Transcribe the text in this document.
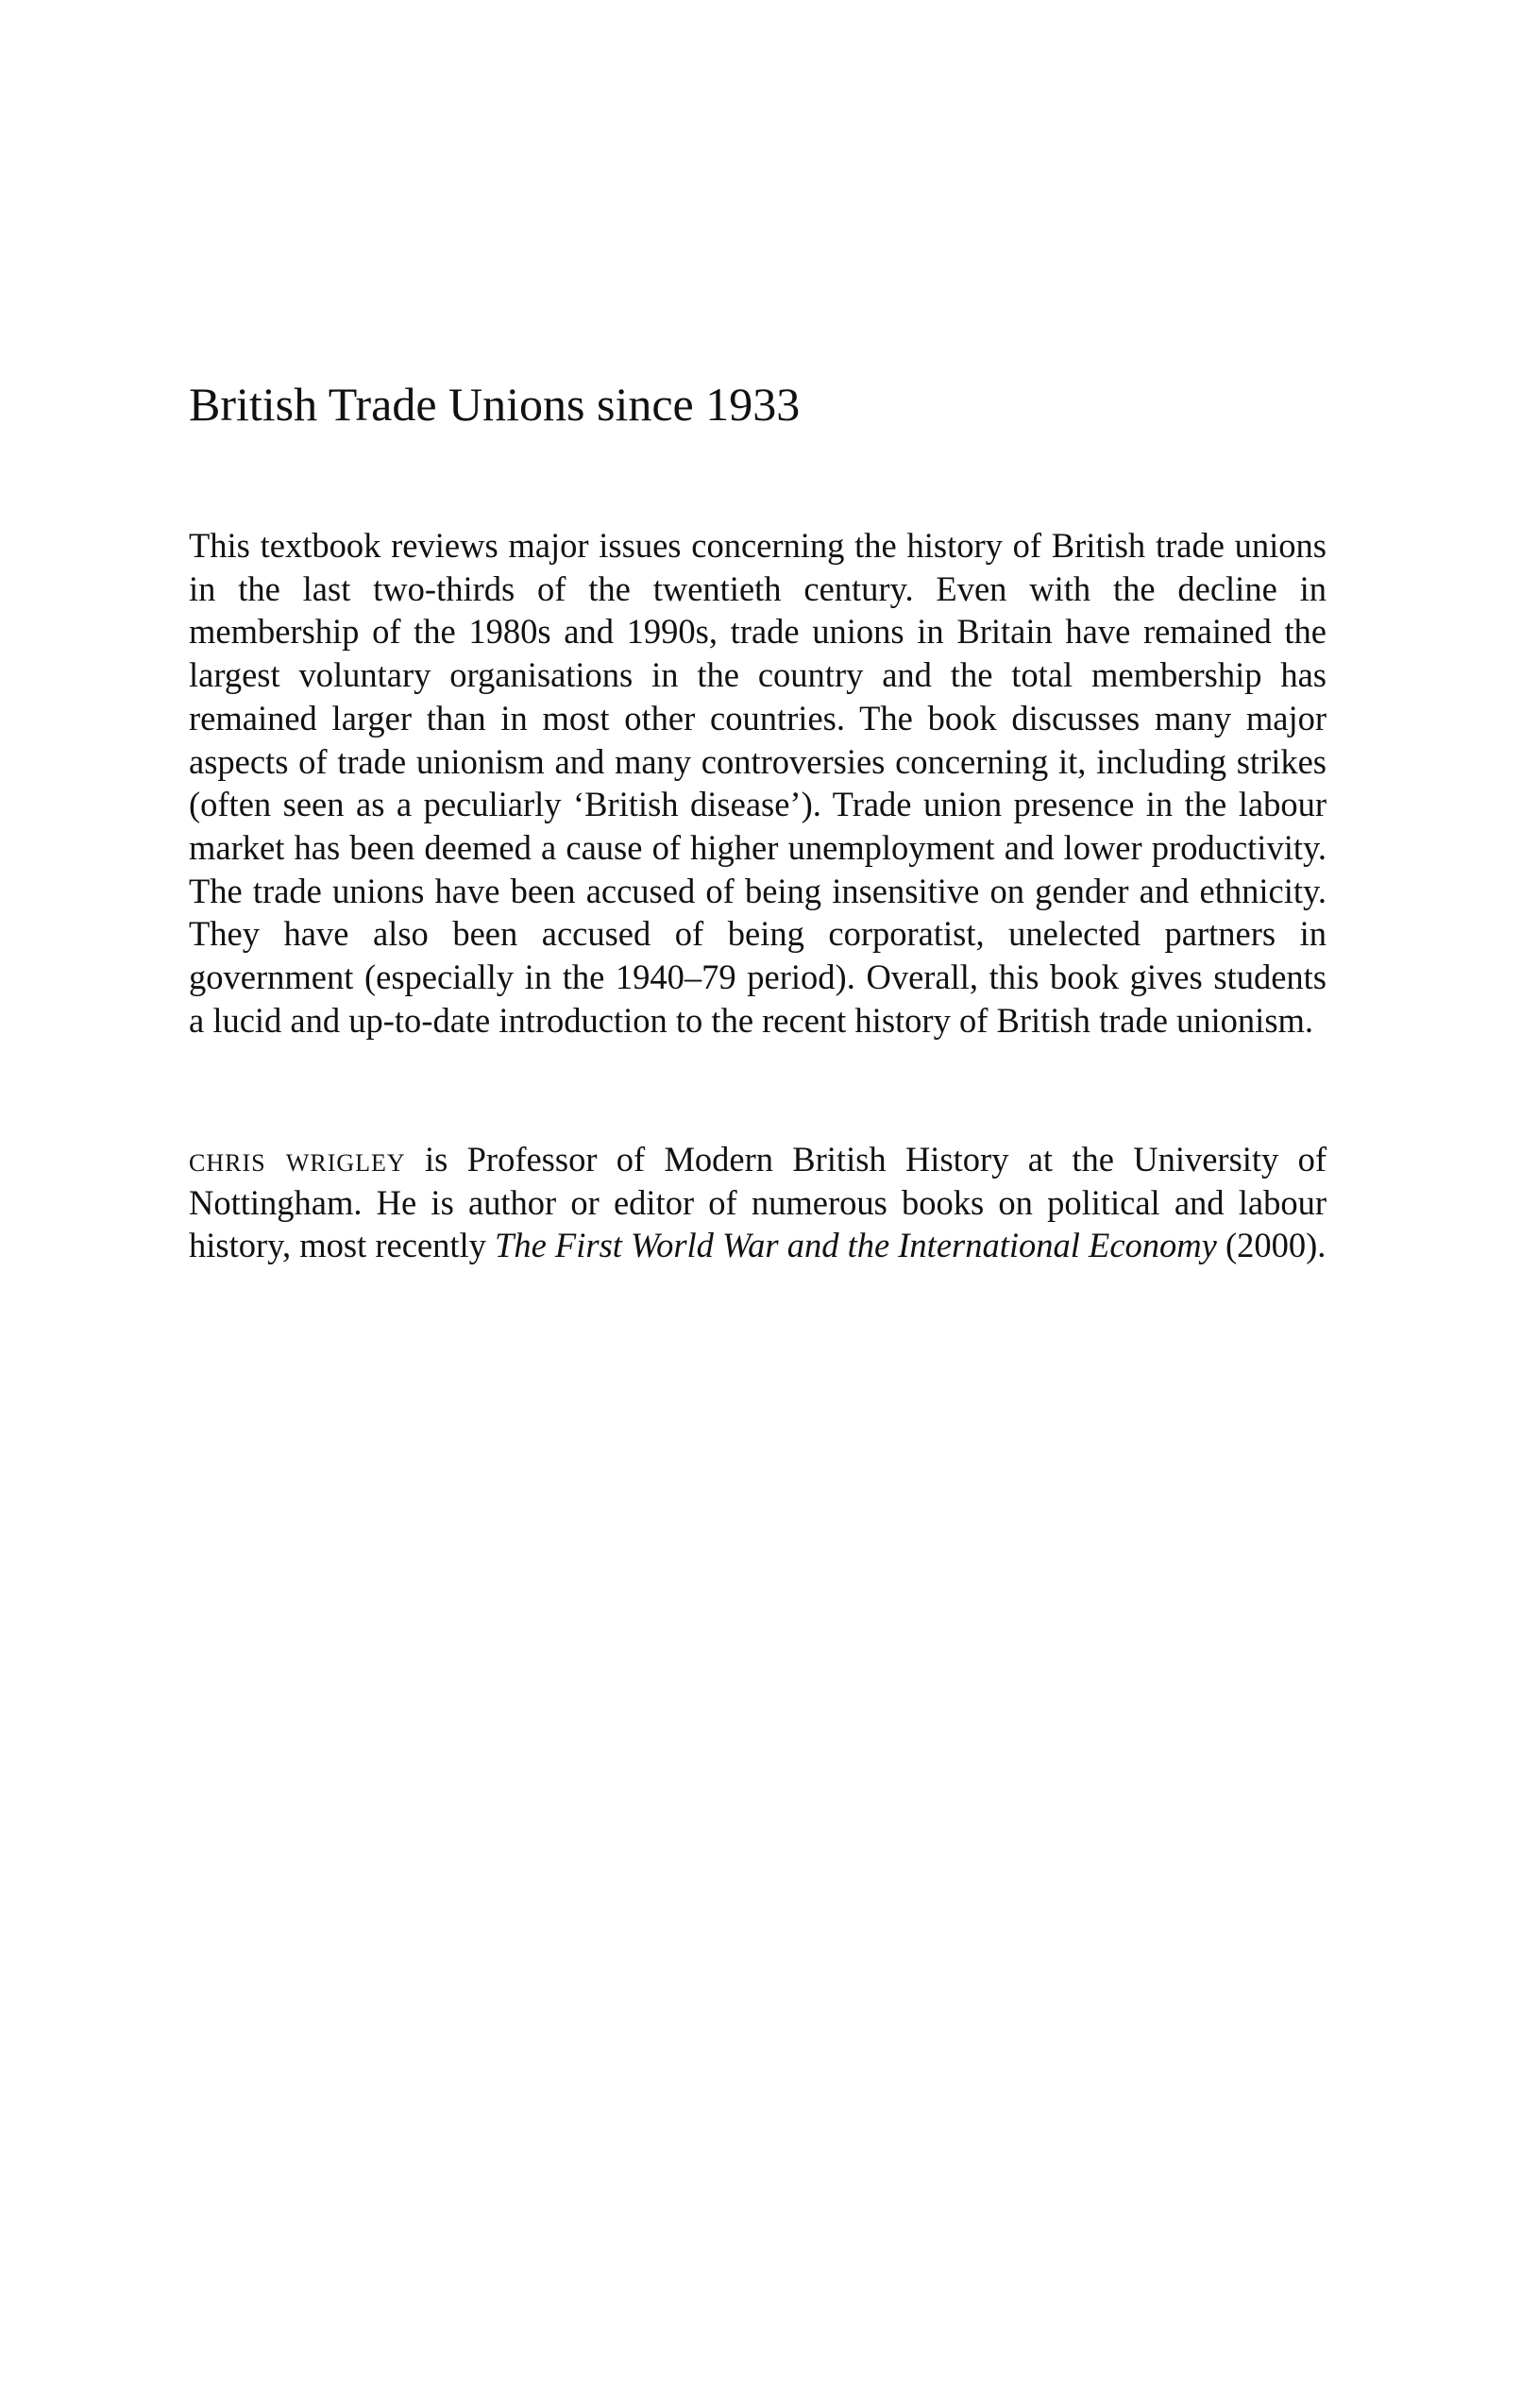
British Trade Unions since 1933

This textbook reviews major issues concerning the history of British trade unions in the last two-thirds of the twentieth century. Even with the decline in membership of the 1980s and 1990s, trade unions in Britain have remained the largest voluntary organisations in the country and the total membership has remained larger than in most other countries. The book discusses many major aspects of trade unionism and many controversies concerning it, including strikes (often seen as a peculiarly ‘British disease’). Trade union presence in the labour market has been deemed a cause of higher unemployment and lower productivity. The trade unions have been accused of being insensitive on gender and ethnicity. They have also been accused of being corporatist, unelected partners in government (especially in the 1940–79 period). Overall, this book gives students a lucid and up-to-date introduction to the recent history of British trade unionism.

chris wrigley is Professor of Modern British History at the University of Nottingham. He is author or editor of numerous books on political and labour history, most recently The First World War and the International Economy (2000).
